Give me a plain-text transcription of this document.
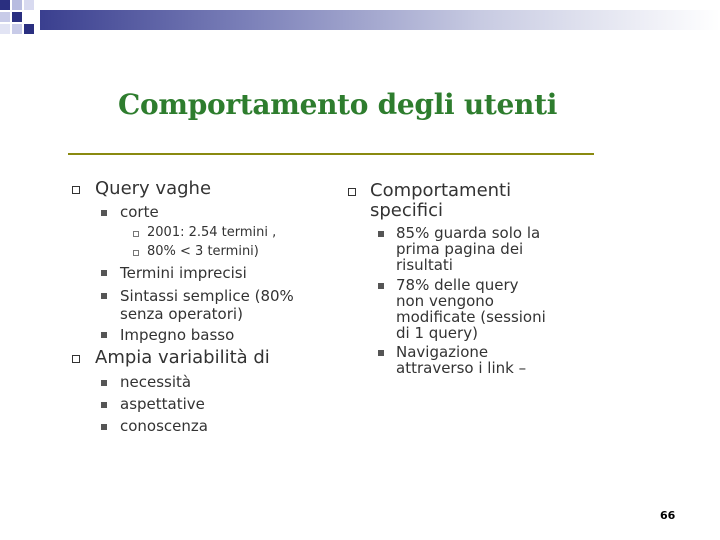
Comportamento degli utenti
Query vaghe
corte
2001: 2.54 termini ,
80% < 3 termini)
Termini imprecisi
Sintassi semplice (80%
senza operatori)
Impegno basso
Ampia variabilità di
necessità
aspettative
conoscenza
Comportamenti
specifici
85% guarda solo la
prima pagina dei
risultati
78% delle query
non vengono
modificate (sessioni
di 1 query)
Navigazione
attraverso i link –
66
